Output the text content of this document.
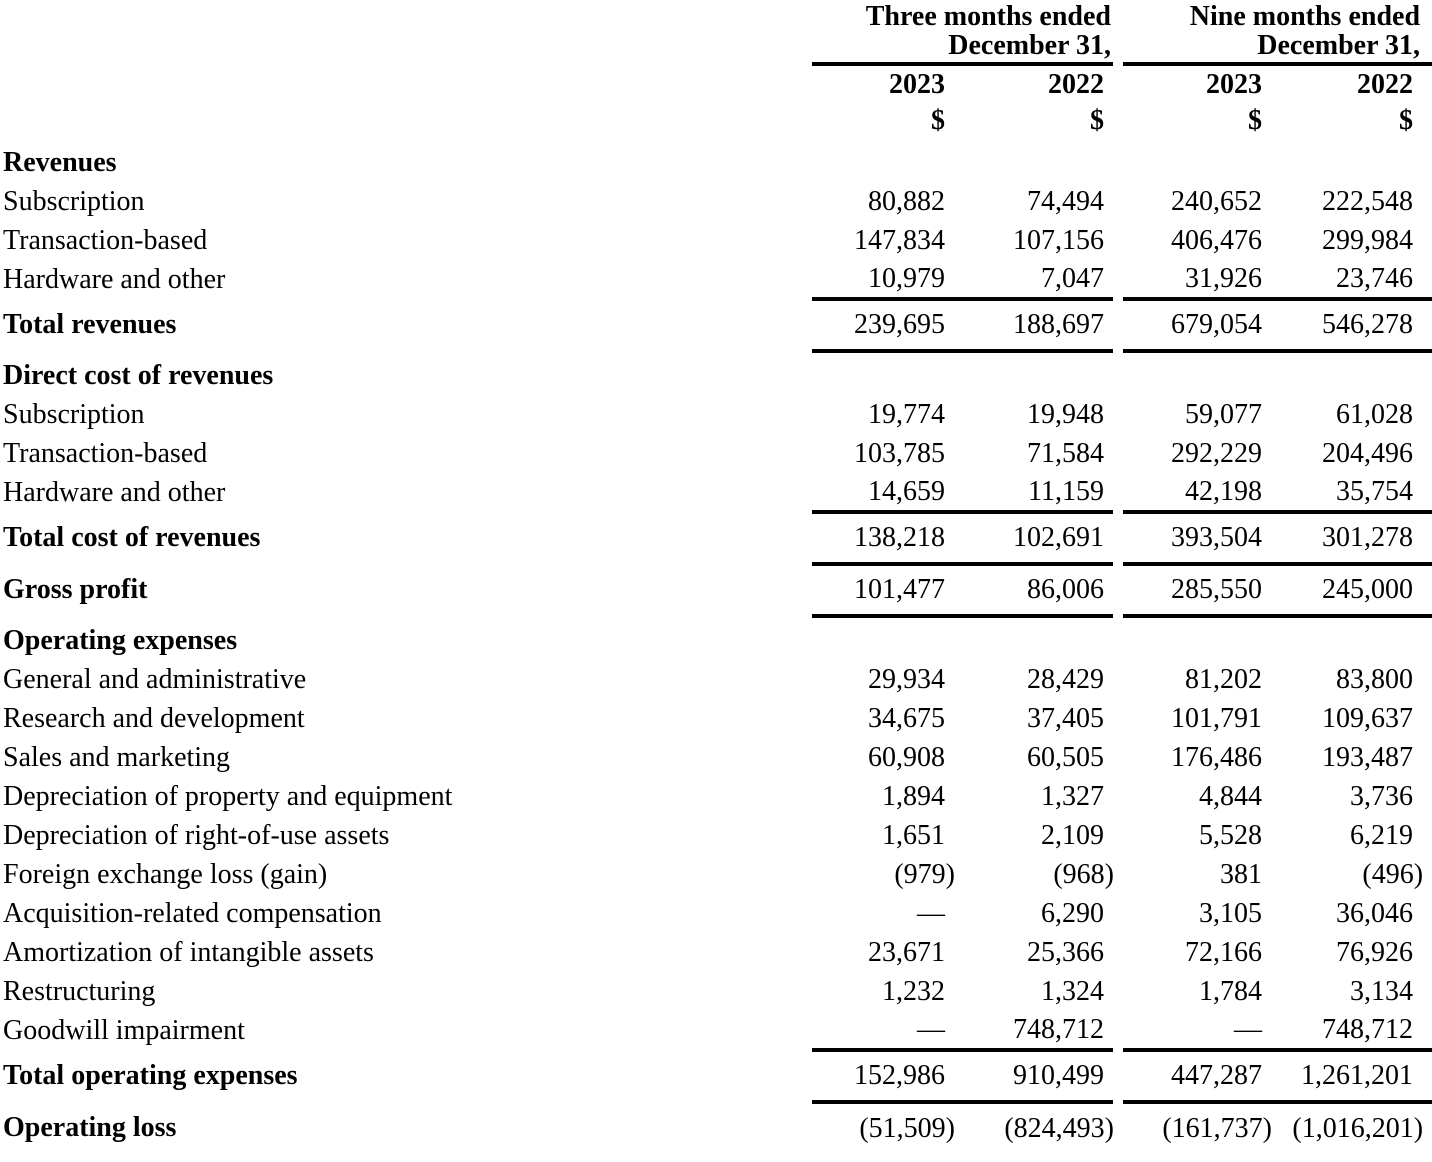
Three months ended
December 31,

Nine months ended
December 31,

	2023	2022		2023	2022
	$	$		$	$
Revenues					
Subscription	80,882	74,494		240,652	222,548
Transaction-based	147,834	107,156		406,476	299,984
Hardware and other	10,979	7,047		31,926	23,746
Total revenues	239,695	188,697		679,054	546,278
Direct cost of revenues					
Subscription	19,774	19,948		59,077	61,028
Transaction-based	103,785	71,584		292,229	204,496
Hardware and other	14,659	11,159		42,198	35,754
Total cost of revenues	138,218	102,691		393,504	301,278
Gross profit	101,477	86,006		285,550	245,000
Operating expenses					
General and administrative	29,934	28,429		81,202	83,800
Research and development	34,675	37,405		101,791	109,637
Sales and marketing	60,908	60,505		176,486	193,487
Depreciation of property and equipment	1,894	1,327		4,844	3,736
Depreciation of right-of-use assets	1,651	2,109		5,528	6,219
Foreign exchange loss (gain)	(979)	(968)		381	(496)
Acquisition-related compensation	—	6,290		3,105	36,046
Amortization of intangible assets	23,671	25,366		72,166	76,926
Restructuring	1,232	1,324		1,784	3,134
Goodwill impairment	—	748,712		—	748,712
Total operating expenses	152,986	910,499		447,287	1,261,201
Operating loss	(51,509)	(824,493)		(161,737)	(1,016,201)
